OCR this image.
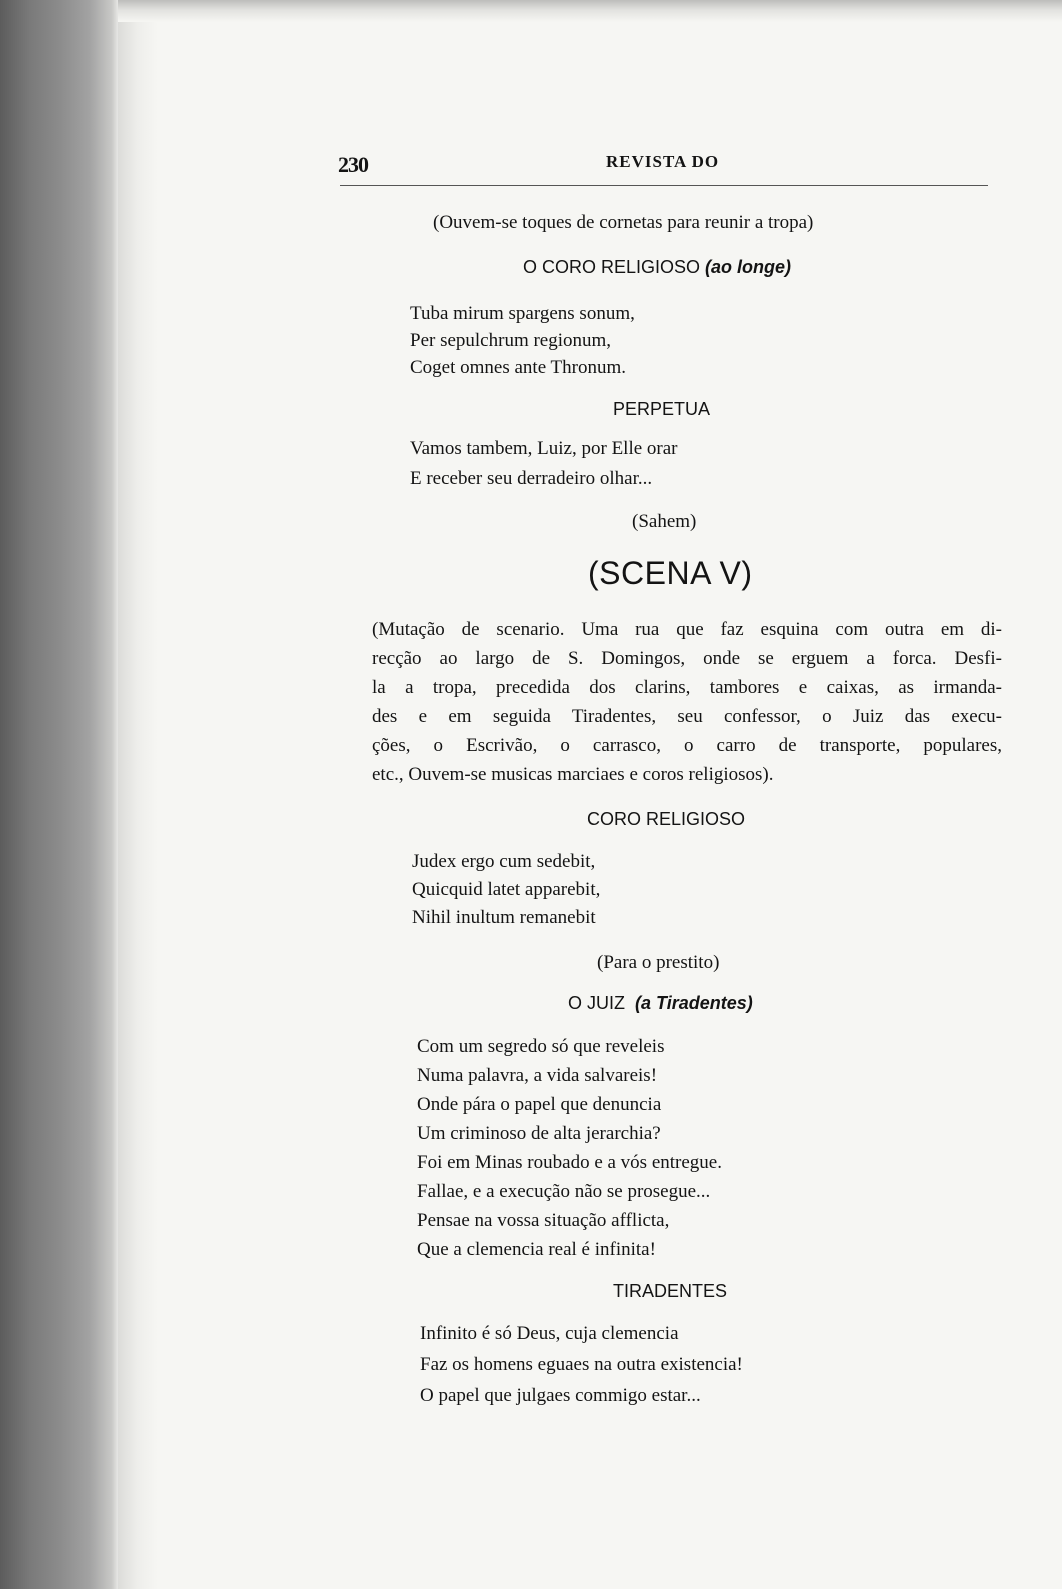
230	REVISTA DO
(Ouvem-se toques de cornetas para reunir a tropa)
O CORO RELIGIOSO (ao longe)
Tuba mirum spargens sonum,
Per sepulchrum regionum,
Coget omnes ante Thronum.
PERPETUA
Vamos tambem, Luiz, por Elle orar
E receber seu derradeiro olhar...
(Sahem)
(SCENA V)
(Mutação de scenario. Uma rua que faz esquina com outra em di-
recção ao largo de S. Domingos, onde se erguem a forca. Desfi-
la a tropa, precedida dos clarins, tambores e caixas, as irmanda-
des e em seguida Tiradentes, seu confessor, o Juiz das execu-
ções, o Escrivão, o carrasco, o carro de transporte, populares,
etc., Ouvem-se musicas marciaes e coros religiosos).
CORO RELIGIOSO
Judex ergo cum sedebit,
Quicquid latet apparebit,
Nihil inultum remanebit
(Para o prestito)
O JUIZ (a Tiradentes)
Com um segredo só que reveleis
Numa palavra, a vida salvareis!
Onde pára o papel que denuncia
Um criminoso de alta jerarchia?
Foi em Minas roubado e a vós entregue.
Fallae, e a execução não se prosegue...
Pensae na vossa situação afflicta,
Que a clemencia real é infinita!
TIRADENTES
Infinito é só Deus, cuja clemencia
Faz os homens eguaes na outra existencia!
O papel que julgaes commigo estar...
